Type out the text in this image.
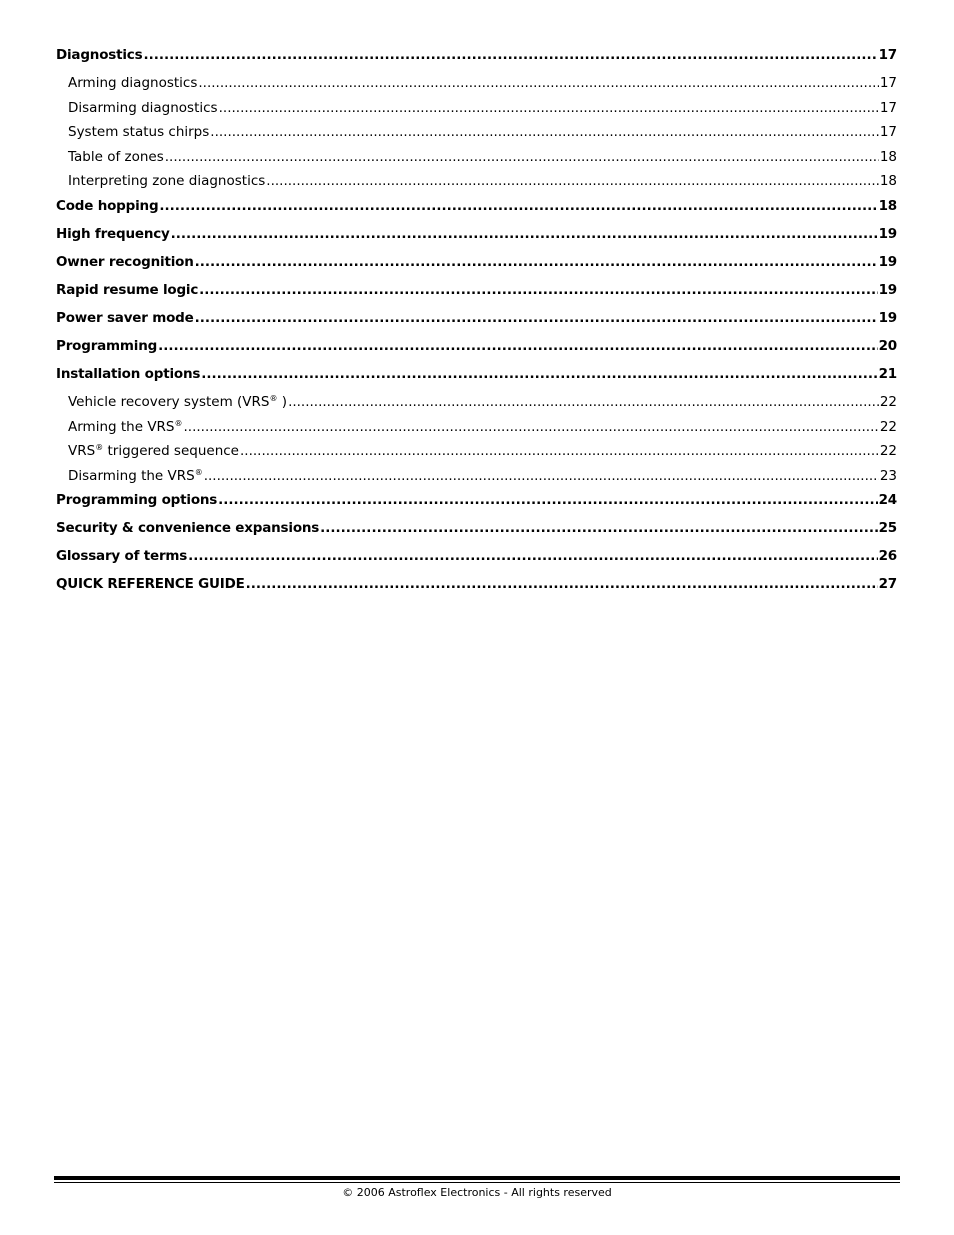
Diagnostics .....	17
Arming diagnostics .....	17
Disarming diagnostics .....	17
System status chirps .....	17
Table of zones .....	18
Interpreting zone diagnostics .....	18
Code hopping .....	18
High frequency .....	19
Owner recognition .....	19
Rapid resume logic .....	19
Power saver mode .....	19
Programming .....	20
Installation options .....	21
Vehicle recovery system (VRS® ) .....	22
Arming the VRS® .....	22
VRS® triggered sequence .....	22
Disarming the VRS® .....	23
Programming options .....	24
Security & convenience expansions .....	25
Glossary of terms .....	26
QUICK REFERENCE GUIDE .....	27
© 2006 Astroflex Electronics - All rights reserved
